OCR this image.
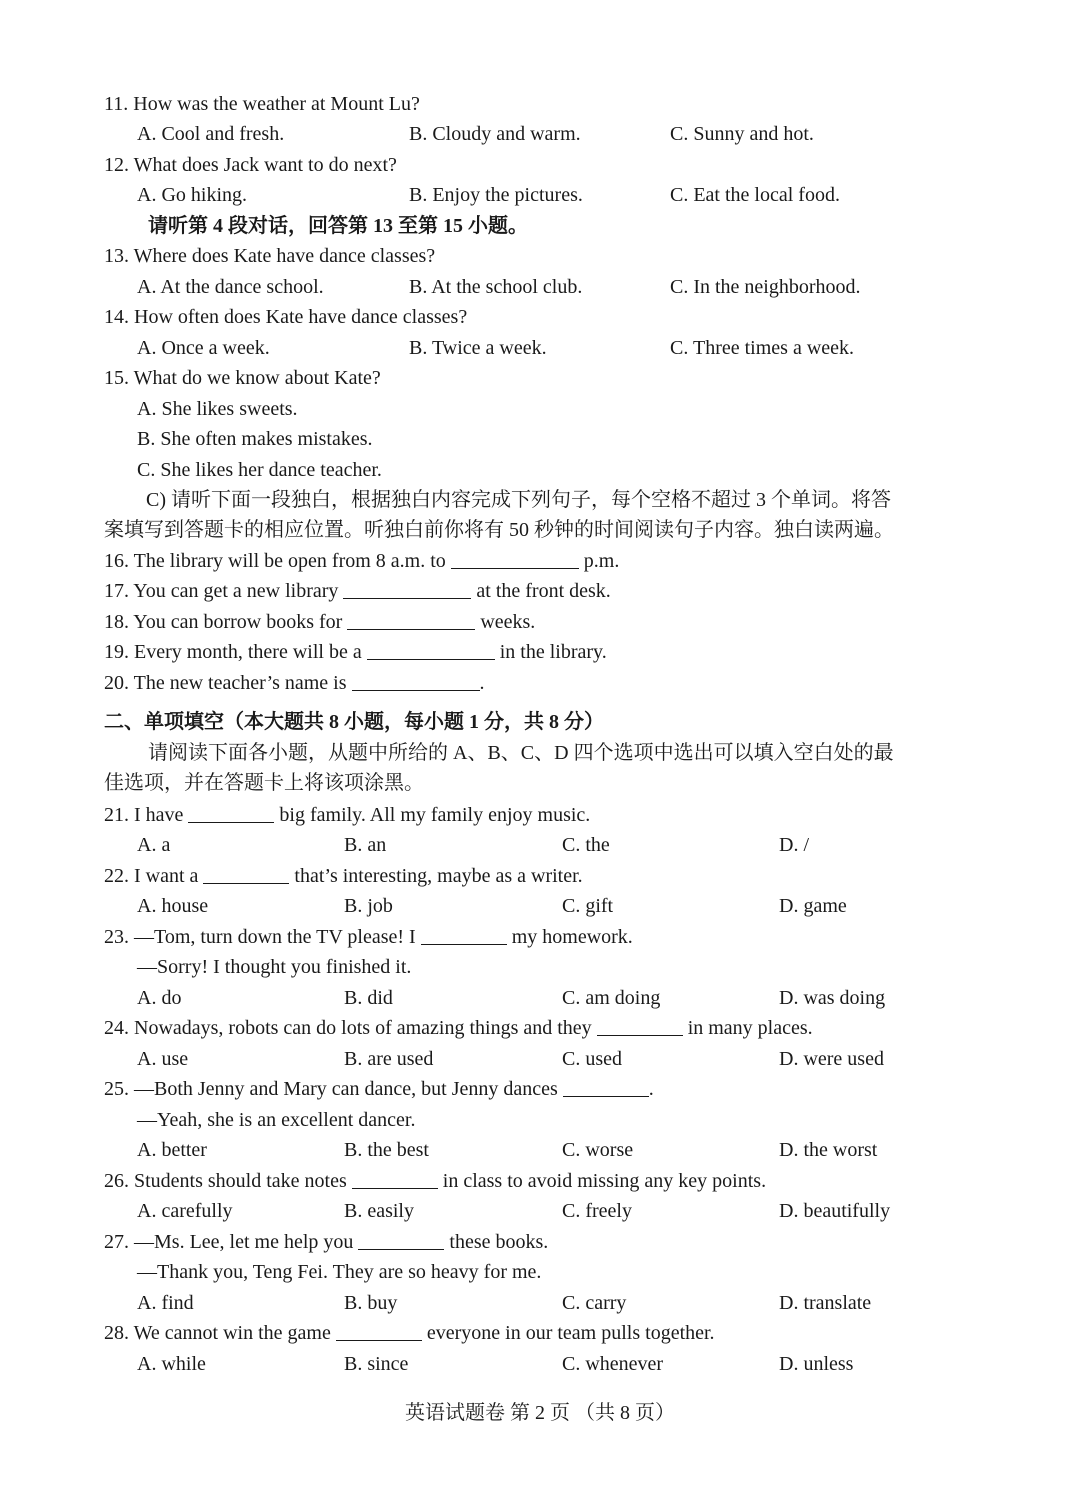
11. How was the weather at Mount Lu?
A. Cool and fresh.	B. Cloudy and warm.	C. Sunny and hot.
12. What does Jack want to do next?
A. Go hiking.	B. Enjoy the pictures.	C. Eat the local food.
请听第 4 段对话，回答第 13 至第 15 小题。
13. Where does Kate have dance classes?
A. At the dance school.	B. At the school club.	C. In the neighborhood.
14. How often does Kate have dance classes?
A. Once a week.	B. Twice a week.	C. Three times a week.
15. What do we know about Kate?
A. She likes sweets.
B. She often makes mistakes.
C. She likes her dance teacher.
C) 请听下面一段独白，根据独白内容完成下列句子，每个空格不超过 3 个单词。将答
案填写到答题卡的相应位置。听独白前你将有 50 秒钟的时间阅读句子内容。独白读两遍。
16. The library will be open from 8 a.m. to	p.m.
17. You can get a new library	at the front desk.
18. You can borrow books for	weeks.
19. Every month, there will be a	in the library.
20. The new teacher’s name is	.
二、单项填空（本大题共 8 小题，每小题 1 分，共 8 分）
请阅读下面各小题，从题中所给的 A、B、C、D 四个选项中选出可以填入空白处的最
佳选项，并在答题卡上将该项涂黑。
21. I have	big family. All my family enjoy music.
A. a	B. an	C. the	D. /
22. I want a	that’s interesting, maybe as a writer.
A. house	B. job	C. gift	D. game
23. —Tom, turn down the TV please! I	my homework.
—Sorry! I thought you finished it.
A. do	B. did	C. am doing	D. was doing
24. Nowadays, robots can do lots of amazing things and they	in many places.
A. use	B. are used	C. used	D. were used
25. —Both Jenny and Mary can dance, but Jenny dances	.
—Yeah, she is an excellent dancer.
A. better	B. the best	C. worse	D. the worst
26. Students should take notes	in class to avoid missing any key points.
A. carefully	B. easily	C. freely	D. beautifully
27. —Ms. Lee, let me help you	these books.
—Thank you, Teng Fei. They are so heavy for me.
A. find	B. buy	C. carry	D. translate
28. We cannot win the game	everyone in our team pulls together.
A. while	B. since	C. whenever	D. unless
英语试题卷 第 2 页 （共 8 页）
